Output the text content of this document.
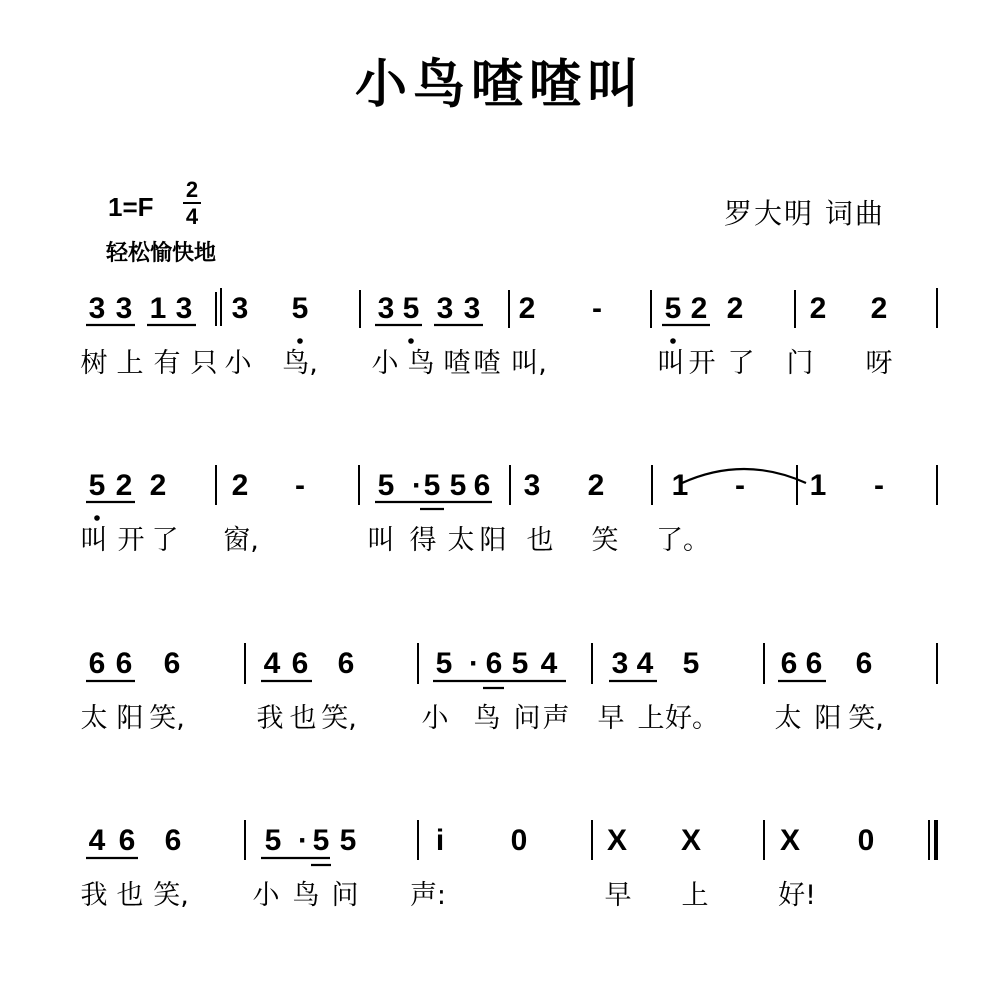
小鸟喳喳叫
1=F
2
4
轻松愉快地
罗大明 词曲
3 3 1 3 3 5 3 5 3 3 2 - 5 2 2 2 2
树 上 有 只 小 鸟, 小 鸟 喳 喳 叫,	叫 开 了 门 呀
5 2 2 2 - 5 · 5 5 6 3 2 1 - 1 -
叫 开 了 窗,	叫 得 太 阳 也 笑 了。
6 6 6	4 6 6	5 · 6 5 4 3 4 5	6 6 6
太 阳 笑,	我 也 笑, 小 鸟 问 声 早 上 好。 太 阳 笑,
4 6 6	5 · 5 5	i 0	X X	X 0
我 也 笑, 小 鸟 问 声:	早 上	好!
